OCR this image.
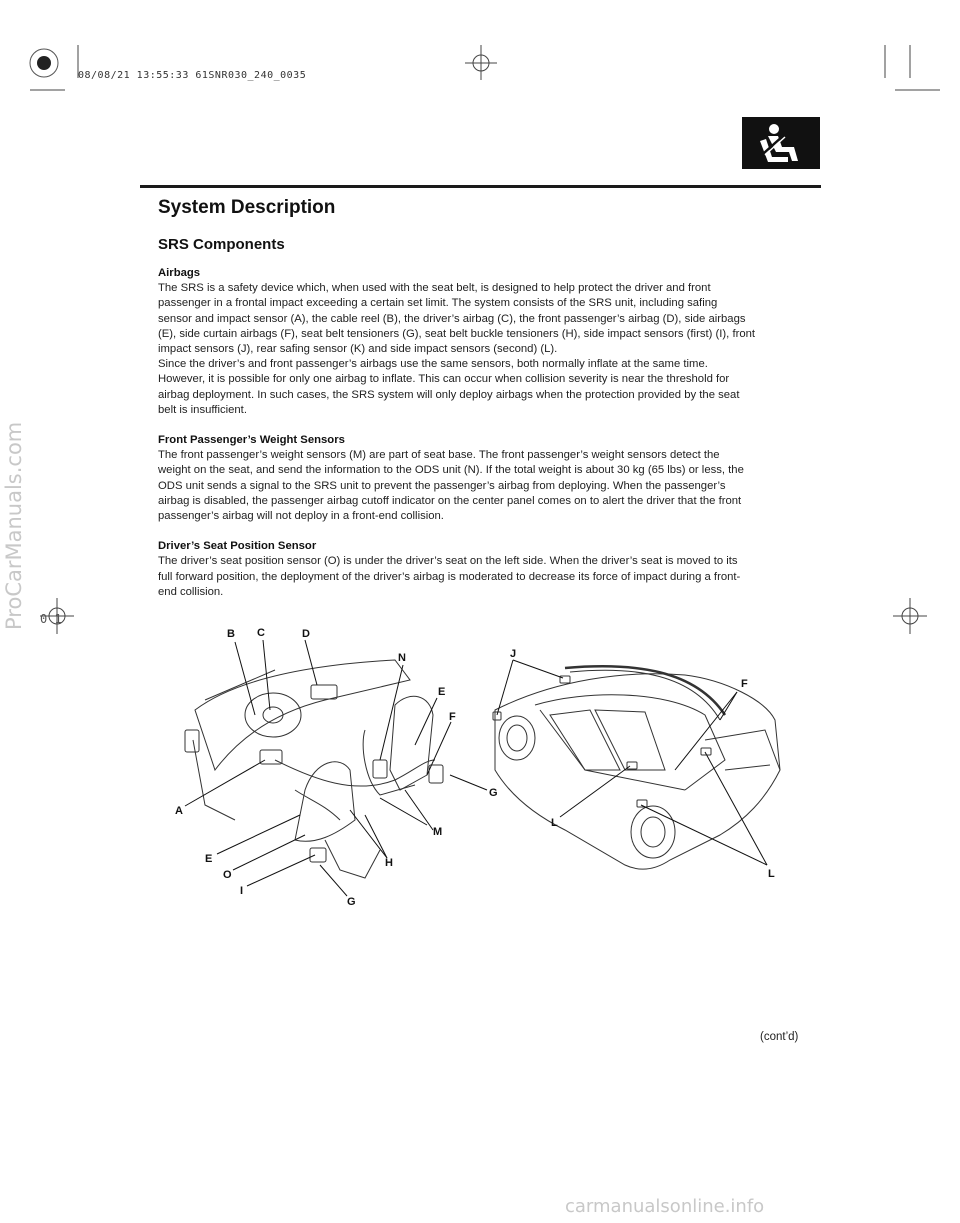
08/08/21 13:55:33 61SNR030_240_0035
ProCarManuals.com 0 1
System Description
SRS Components
Airbags

The SRS is a safety device which, when used with the seat belt, is designed to help protect the driver and front
passenger in a frontal impact exceeding a certain set limit. The system consists of the SRS unit, including safing
sensor and impact sensor (A), the cable reel (B), the driver’s airbag (C), the front passenger’s airbag (D), side airbags
(E), side curtain airbags (F), seat belt tensioners (G), seat belt buckle tensioners (H), side impact sensors (first) (I), front
impact sensors (J), rear safing sensor (K) and side impact sensors (second) (L).
Since the driver’s and front passenger’s airbags use the same sensors, both normally inflate at the same time.
However, it is possible for only one airbag to inflate. This can occur when collision severity is near the threshold for
airbag deployment. In such cases, the SRS system will only deploy airbags when the protection provided by the seat
belt is insufficient.

Front Passenger’s Weight Sensors

The front passenger’s weight sensors (M) are part of seat base. The front passenger’s weight sensors detect the
weight on the seat, and send the information to the ODS unit (N). If the total weight is about 30 kg (65 lbs) or less, the
ODS unit sends a signal to the SRS unit to prevent the passenger’s airbag from deploying. When the passenger’s
airbag is disabled, the passenger airbag cutoff indicator on the center panel comes on to alert the driver that the front
passenger’s airbag will not deploy in a front-end collision.

Driver’s Seat Position Sensor

The driver’s seat position sensor (O) is under the driver’s seat on the left side. When the driver’s seat is moved to its
full forward position, the deployment of the driver’s airbag is moderated to decrease its force of impact during a front-
end collision.

B C	D
N
E
F
G
M
H
A
E
O
I
G
J
F
L
L
(cont’d)
carmanualsonline.info
